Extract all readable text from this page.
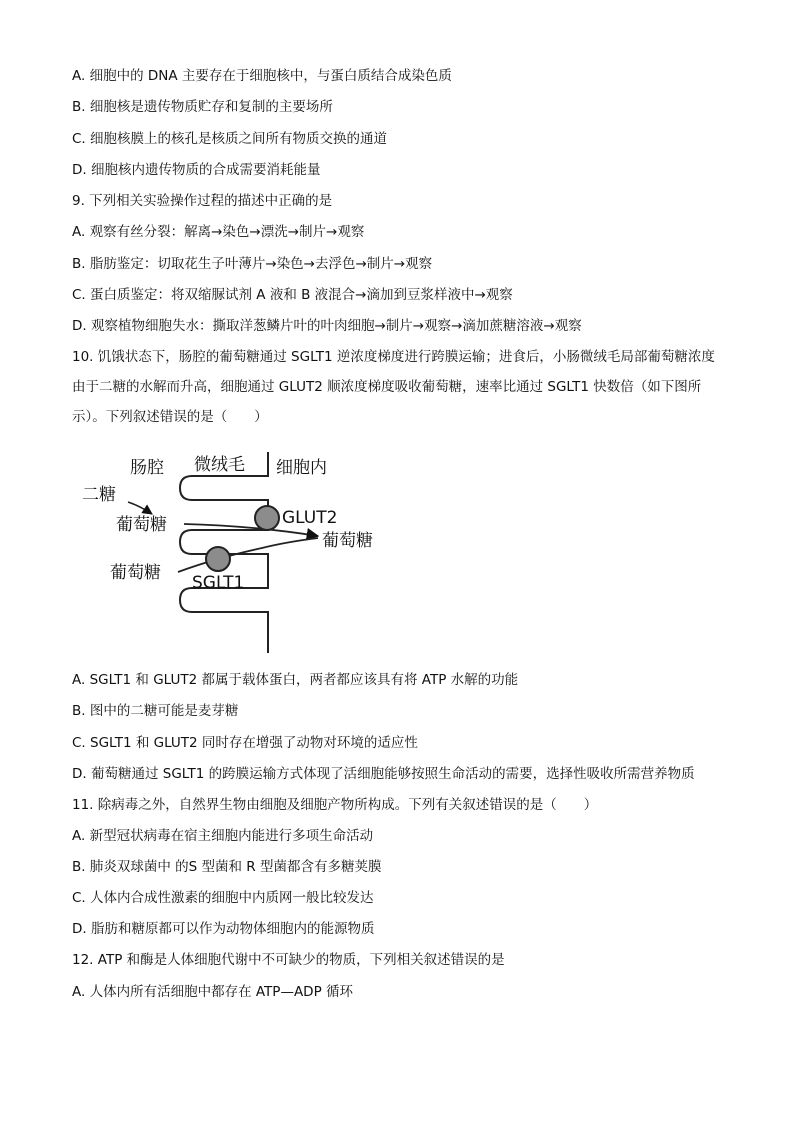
A. 细胞中的 DNA 主要存在于细胞核中，与蛋白质结合成染色质
B. 细胞核是遗传物质贮存和复制的主要场所
C. 细胞核膜上的核孔是核质之间所有物质交换的通道
D. 细胞核内遗传物质的合成需要消耗能量
9. 下列相关实验操作过程的描述中正确的是
A. 观察有丝分裂：解离→染色→漂洗→制片→观察
B. 脂肪鉴定：切取花生子叶薄片→染色→去浮色→制片→观察
C. 蛋白质鉴定：将双缩脲试剂 A 液和 B 液混合→滴加到豆浆样液中→观察
D. 观察植物细胞失水：撕取洋葱鳞片叶的叶肉细胞→制片→观察→滴加蔗糖溶液→观察
10. 饥饿状态下，肠腔的葡萄糖通过 SGLT1 逆浓度梯度进行跨膜运输；进食后，小肠微绒毛局部葡萄糖浓度由于二糖的水解而升高，细胞通过 GLUT2 顺浓度梯度吸收葡萄糖，速率比通过 SGLT1 快数倍（如下图所示）。下列叙述错误的是（　　）
肠腔 微绒毛 细胞内
二糖
葡萄糖	GLUT2
葡萄糖
葡萄糖 SGLT1
A. SGLT1 和 GLUT2 都属于载体蛋白，两者都应该具有将 ATP 水解的功能
B. 图中的二糖可能是麦芽糖
C. SGLT1 和 GLUT2 同时存在增强了动物对环境的适应性
D. 葡萄糖通过 SGLT1 的跨膜运输方式体现了活细胞能够按照生命活动的需要，选择性吸收所需营养物质
11. 除病毒之外，自然界生物由细胞及细胞产物所构成。下列有关叙述错误的是（　　）
A. 新型冠状病毒在宿主细胞内能进行多项生命活动
B. 肺炎双球菌中 的S 型菌和 R 型菌都含有多糖荚膜
C. 人体内合成性激素的细胞中内质网一般比较发达
D. 脂肪和糖原都可以作为动物体细胞内的能源物质
12. ATP 和酶是人体细胞代谢中不可缺少的物质，下列相关叙述错误的是
A. 人体内所有活细胞中都存在 ATP—ADP 循环
